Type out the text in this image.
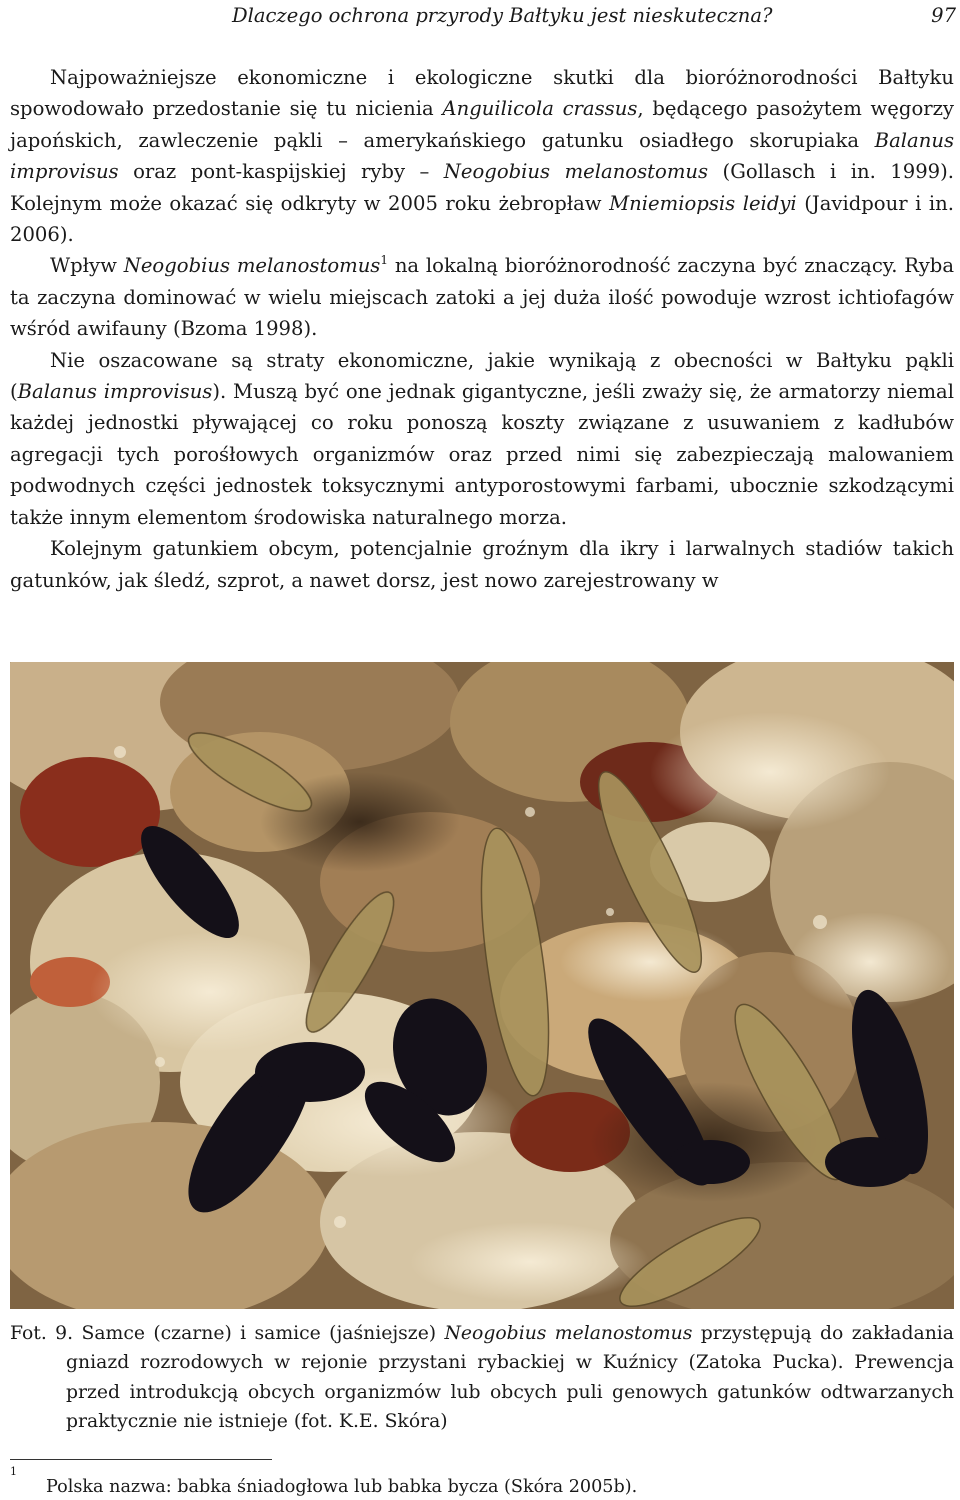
Dlaczego ochrona przyrody Bałtyku jest nieskuteczna?	97

Najpoważniejsze ekonomiczne i ekologiczne skutki dla bioróżnorodności Bałtyku spowodowało przedostanie się tu nicienia Anguilicola crassus, będącego pasożytem węgorzy japońskich, zawleczenie pąkli – amerykańskiego gatunku osiadłego skorupiaka Balanus improvisus oraz pont-kaspijskiej ryby – Neogobius melanostomus (Gollasch i in. 1999). Kolejnym może okazać się odkryty w 2005 roku żebropław Mniemiopsis leidyi (Javidpour i in. 2006).

Wpływ Neogobius melanostomus$^1$ na lokalną bioróżnorodność zaczyna być znaczący. Ryba ta zaczyna dominować w wielu miejscach zatoki a jej duża ilość powoduje wzrost ichtiofagów wśród awifauny (Bzoma 1998).

Nie oszacowane są straty ekonomiczne, jakie wynikają z obecności w Bałtyku pąkli (Balanus improvisus). Muszą być one jednak gigantyczne, jeśli zważy się, że armatorzy niemal każdej jednostki pływającej co roku ponoszą koszty związane z usuwaniem z kadłubów agregacji tych porośłowych organizmów oraz przed nimi się zabezpieczają malowaniem podwodnych części jednostek toksycznymi antyporostowymi farbami, ubocznie szkodzącymi także innym elementom środowiska naturalnego morza.

Kolejnym gatunkiem obcym, potencjalnie groźnym dla ikry i larwalnych stadiów takich gatunków, jak śledź, szprot, a nawet dorsz, jest nowo zarejestrowany w

Fot. 9. Samce (czarne) i samice (jaśniejsze) Neogobius melanostomus przystępują do zakładania gniazd rozrodowych w rejonie przystani rybackiej w Kuźnicy (Zatoka Pucka). Prewencja przed introdukcją obcych organizmów lub obcych puli genowych gatunków odtwarzanych praktycznie nie istnieje (fot. K.E. Skóra)
1
Polska nazwa: babka śniadogłowa lub babka bycza (Skóra 2005b).
